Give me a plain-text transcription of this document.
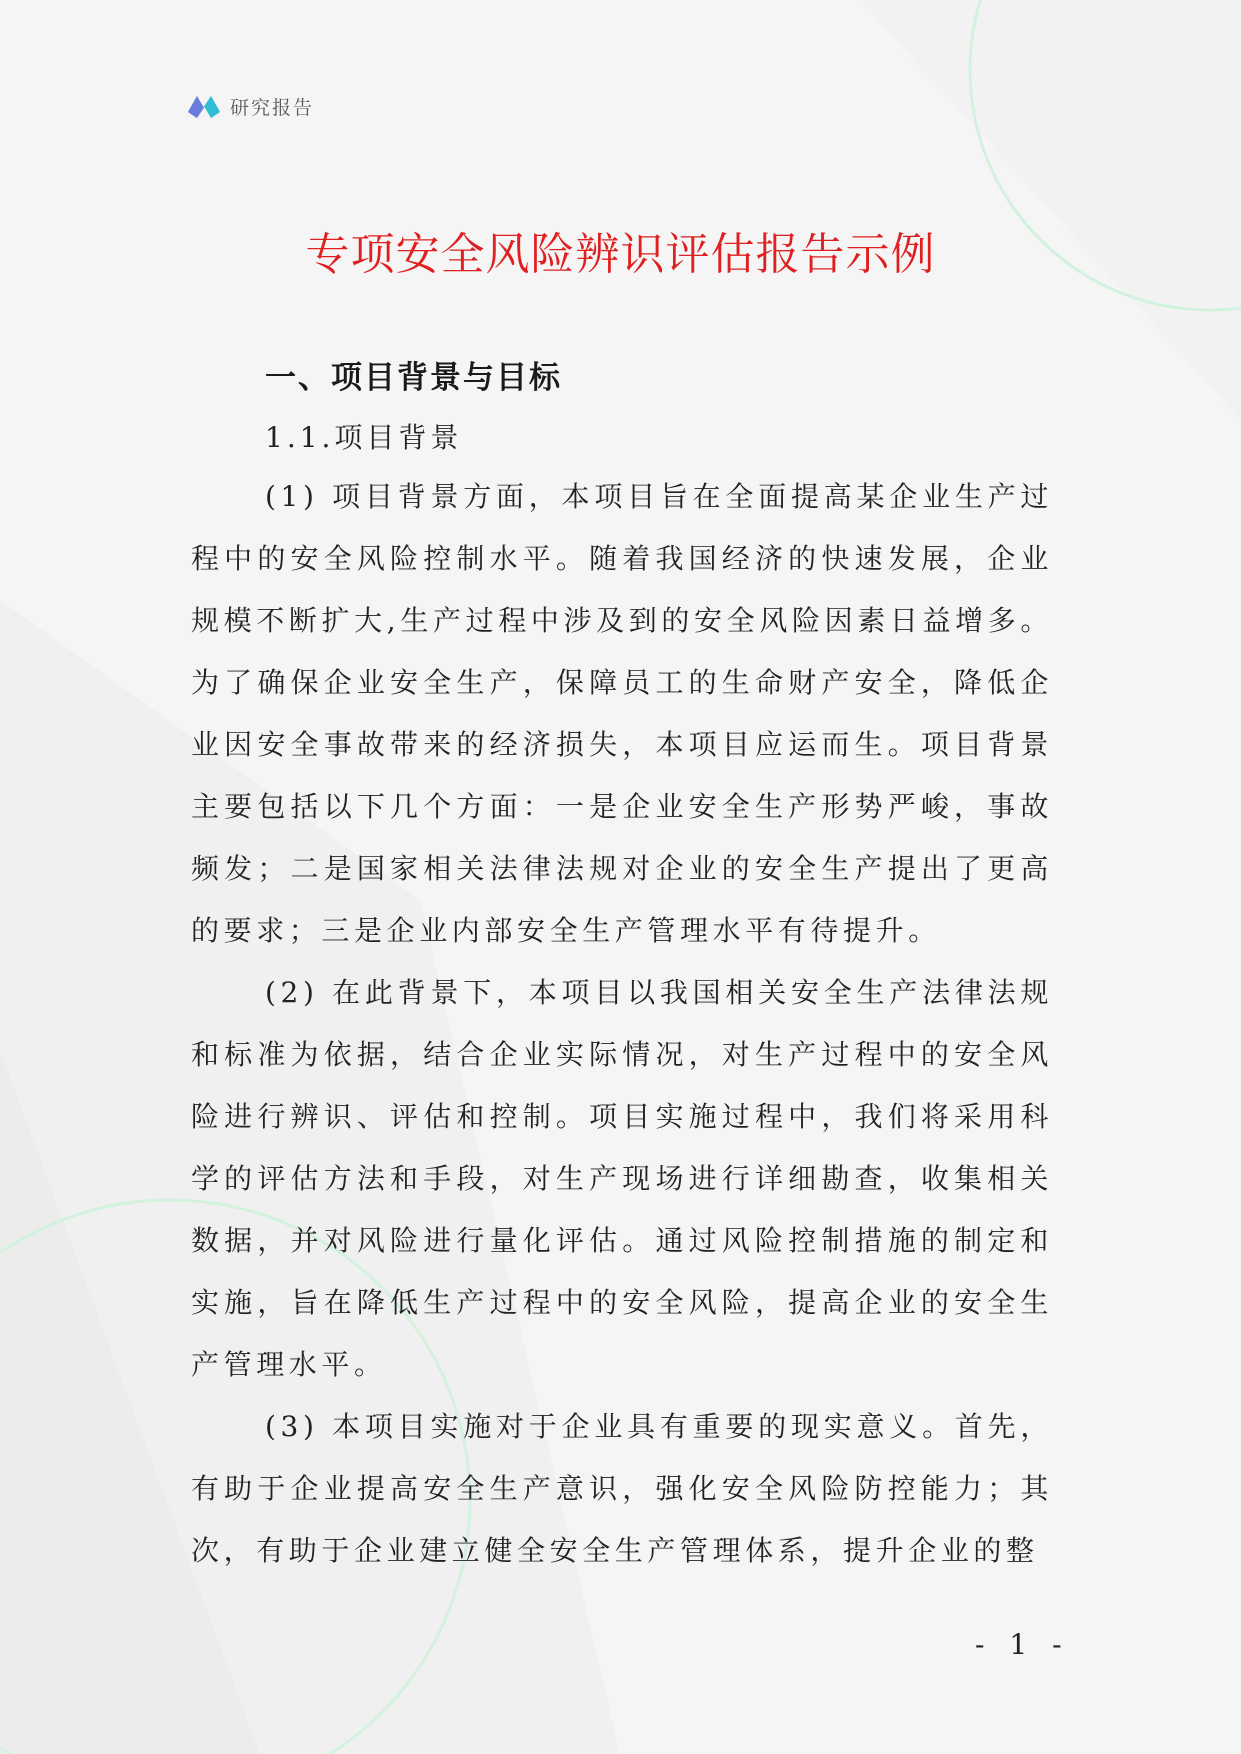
研究报告
专项安全风险辨识评估报告示例
一、项目背景与目标
1.1.项目背景

(1) 项目背景方面，本项目旨在全面提高某企业生产过程中的安全风险控制水平。随着我国经济的快速发展，企业规模不断扩大,生产过程中涉及到的安全风险因素日益增多。为了确保企业安全生产，保障员工的生命财产安全，降低企业因安全事故带来的经济损失，本项目应运而生。项目背景主要包括以下几个方面：一是企业安全生产形势严峻，事故频发；二是国家相关法律法规对企业的安全生产提出了更高的要求；三是企业内部安全生产管理水平有待提升。

(2) 在此背景下，本项目以我国相关安全生产法律法规和标准为依据，结合企业实际情况，对生产过程中的安全风险进行辨识、评估和控制。项目实施过程中，我们将采用科学的评估方法和手段，对生产现场进行详细勘查，收集相关数据，并对风险进行量化评估。通过风险控制措施的制定和实施，旨在降低生产过程中的安全风险，提高企业的安全生产管理水平。

(3) 本项目实施对于企业具有重要的现实意义。首先，有助于企业提高安全生产意识，强化安全风险防控能力；其次，有助于企业建立健全安全生产管理体系，提升企业的整

- 1 -
